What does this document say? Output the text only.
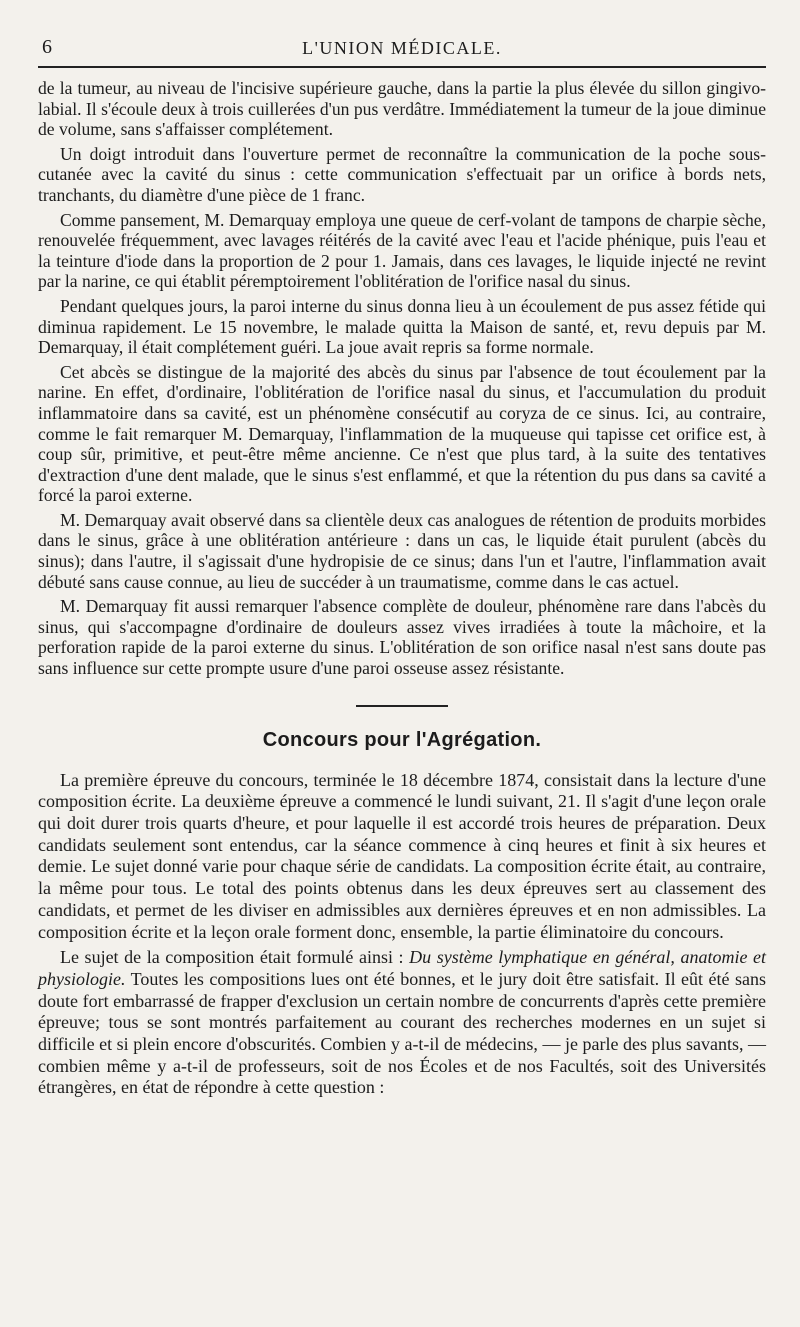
6	L'UNION MÉDICALE.

de la tumeur, au niveau de l'incisive supérieure gauche, dans la partie la plus élevée du sillon gingivo-labial. Il s'écoule deux à trois cuillerées d'un pus verdâtre. Immédiatement la tumeur de la joue diminue de volume, sans s'affaisser complétement.

Un doigt introduit dans l'ouverture permet de reconnaître la communication de la poche sous-cutanée avec la cavité du sinus : cette communication s'effectuait par un orifice à bords nets, tranchants, du diamètre d'une pièce de 1 franc.

Comme pansement, M. Demarquay employa une queue de cerf-volant de tampons de charpie sèche, renouvelée fréquemment, avec lavages réitérés de la cavité avec l'eau et l'acide phénique, puis l'eau et la teinture d'iode dans la proportion de 2 pour 1. Jamais, dans ces lavages, le liquide injecté ne revint par la narine, ce qui établit péremptoirement l'oblitération de l'orifice nasal du sinus.

Pendant quelques jours, la paroi interne du sinus donna lieu à un écoulement de pus assez fétide qui diminua rapidement. Le 15 novembre, le malade quitta la Maison de santé, et, revu depuis par M. Demarquay, il était complétement guéri. La joue avait repris sa forme normale.

Cet abcès se distingue de la majorité des abcès du sinus par l'absence de tout écoulement par la narine. En effet, d'ordinaire, l'oblitération de l'orifice nasal du sinus, et l'accumulation du produit inflammatoire dans sa cavité, est un phénomène consécutif au coryza de ce sinus. Ici, au contraire, comme le fait remarquer M. Demarquay, l'inflammation de la muqueuse qui tapisse cet orifice est, à coup sûr, primitive, et peut-être même ancienne. Ce n'est que plus tard, à la suite des tentatives d'extraction d'une dent malade, que le sinus s'est enflammé, et que la rétention du pus dans sa cavité a forcé la paroi externe.

M. Demarquay avait observé dans sa clientèle deux cas analogues de rétention de produits morbides dans le sinus, grâce à une oblitération antérieure : dans un cas, le liquide était purulent (abcès du sinus); dans l'autre, il s'agissait d'une hydropisie de ce sinus; dans l'un et l'autre, l'inflammation avait débuté sans cause connue, au lieu de succéder à un traumatisme, comme dans le cas actuel.

M. Demarquay fit aussi remarquer l'absence complète de douleur, phénomène rare dans l'abcès du sinus, qui s'accompagne d'ordinaire de douleurs assez vives irradiées à toute la mâchoire, et la perforation rapide de la paroi externe du sinus. L'oblitération de son orifice nasal n'est sans doute pas sans influence sur cette prompte usure d'une paroi osseuse assez résistante.

Concours pour l'Agrégation.

La première épreuve du concours, terminée le 18 décembre 1874, consistait dans la lecture d'une composition écrite. La deuxième épreuve a commencé le lundi suivant, 21. Il s'agit d'une leçon orale qui doit durer trois quarts d'heure, et pour laquelle il est accordé trois heures de préparation. Deux candidats seulement sont entendus, car la séance commence à cinq heures et finit à six heures et demie. Le sujet donné varie pour chaque série de candidats. La composition écrite était, au contraire, la même pour tous. Le total des points obtenus dans les deux épreuves sert au classement des candidats, et permet de les diviser en admissibles aux dernières épreuves et en non admissibles. La composition écrite et la leçon orale forment donc, ensemble, la partie éliminatoire du concours.

Le sujet de la composition était formulé ainsi : Du système lymphatique en général, anatomie et physiologie. Toutes les compositions lues ont été bonnes, et le jury doit être satisfait. Il eût été sans doute fort embarrassé de frapper d'exclusion un certain nombre de concurrents d'après cette première épreuve; tous se sont montrés parfaitement au courant des recherches modernes en un sujet si difficile et si plein encore d'obscurités. Combien y a-t-il de médecins, — je parle des plus savants, — combien même y a-t-il de professeurs, soit de nos Écoles et de nos Facultés, soit des Universités étrangères, en état de répondre à cette question :
